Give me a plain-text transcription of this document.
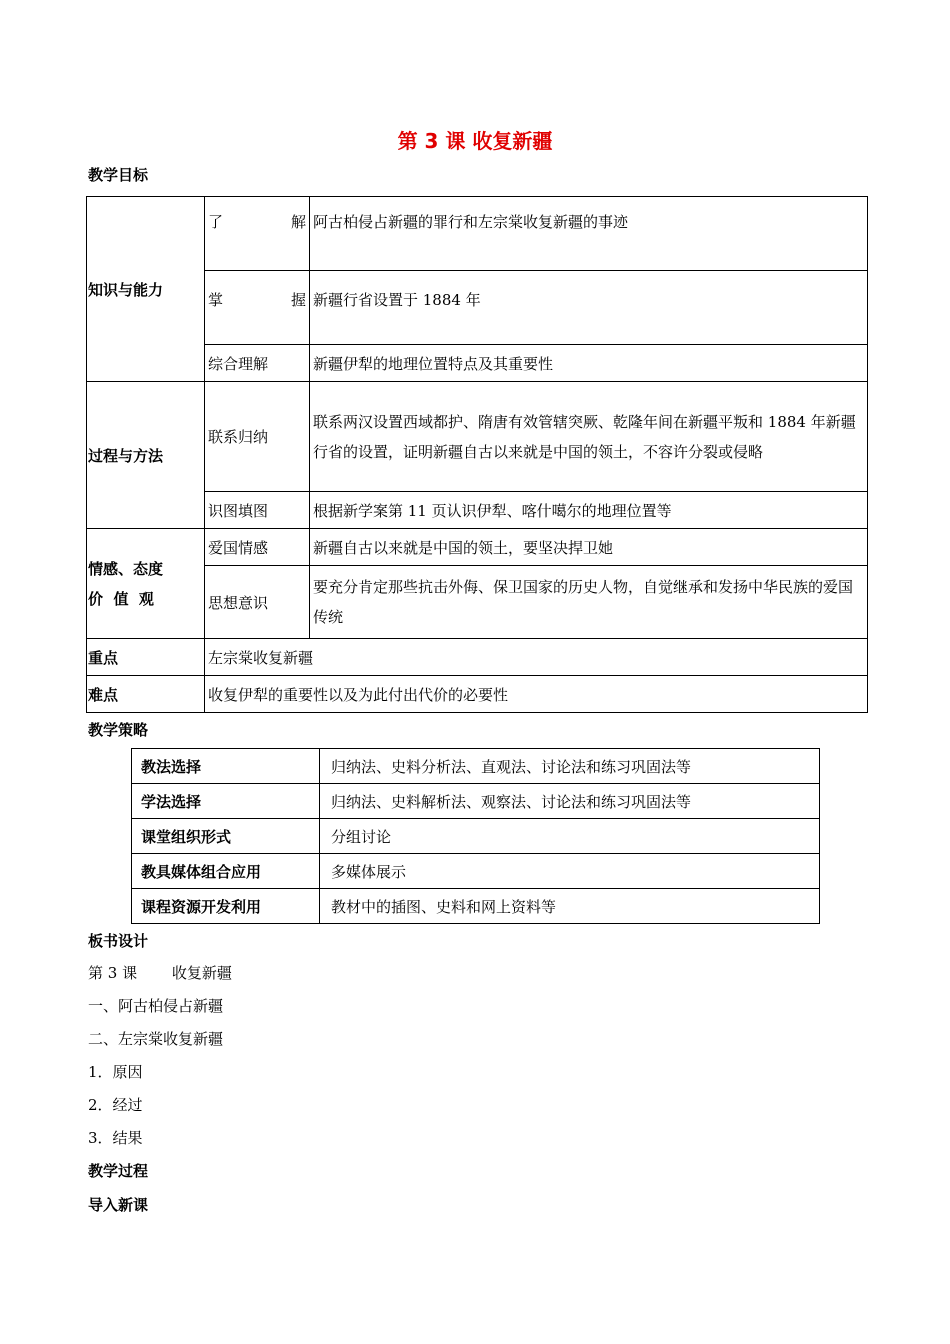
第 3 课 收复新疆
教学目标
知识与能力	了 解	阿古柏侵占新疆的罪行和左宗棠收复新疆的事迹

	掌 握	新疆行省设置于 1884 年
	综合理解	新疆伊犁的地理位置特点及其重要性
过程与方法	联系归纳	联系两汉设置西域都护、隋唐有效管辖突厥、乾隆年间在新疆平叛和 1884 年新疆行省的设置，证明新疆自古以来就是中国的领土，不容许分裂或侵略
	识图填图	根据新学案第 11 页认识伊犁、喀什噶尔的地理位置等

情感、态度
价  值  观	爱国情感	新疆自古以来就是中国的领土，要坚决捍卫她
	思想意识	要充分肯定那些抗击外侮、保卫国家的历史人物，自觉继承和发扬中华民族的爱国传统
重点	左宗棠收复新疆	
难点	收复伊犁的重要性以及为此付出代价的必要性	
教学策略
教法选择	归纳法、史料分析法、直观法、讨论法和练习巩固法等
学法选择	归纳法、史料解析法、观察法、讨论法和练习巩固法等
课堂组织形式	分组讨论
教具媒体组合应用	多媒体展示
课程资源开发利用	教材中的插图、史料和网上资料等
板书设计
第 3 课 收复新疆
一、阿古柏侵占新疆
二、左宗棠收复新疆
1．原因
2．经过
3．结果
教学过程
导入新课
